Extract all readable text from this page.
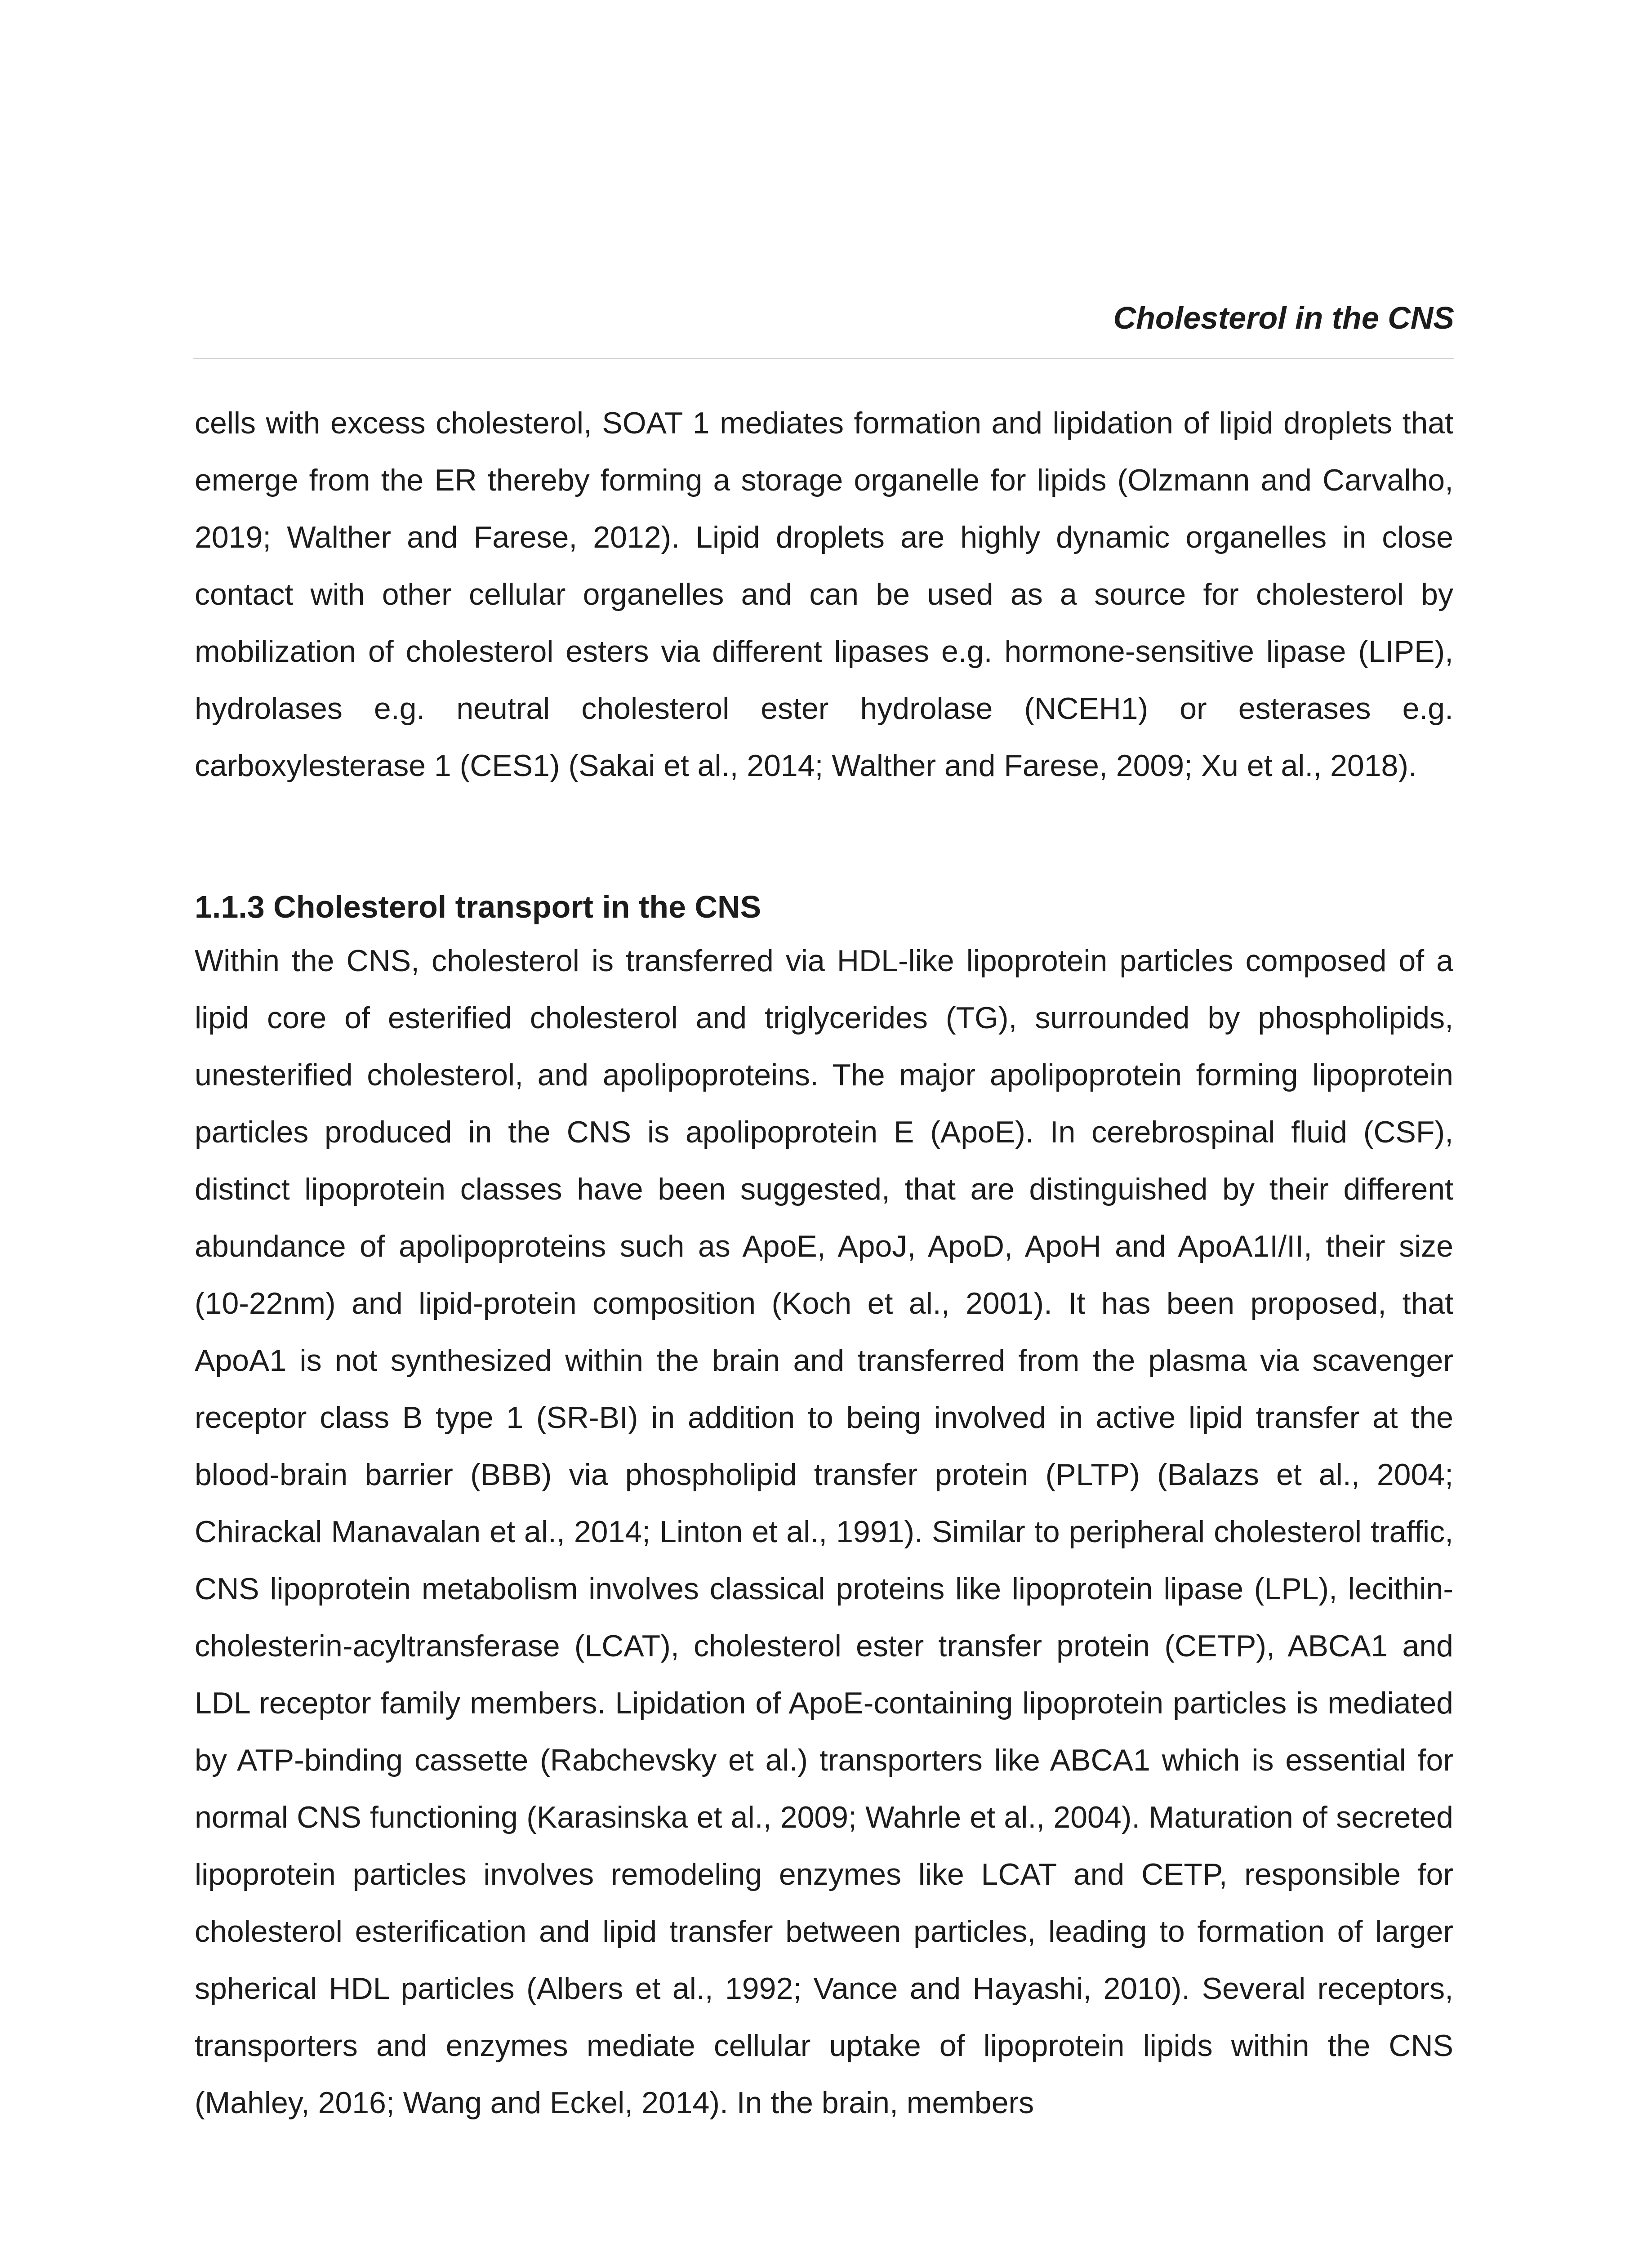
Cholesterol in the CNS

cells with excess cholesterol, SOAT 1 mediates formation and lipidation of lipid droplets that emerge from the ER thereby forming a storage organelle for lipids (Olzmann and Carvalho, 2019; Walther and Farese, 2012). Lipid droplets are highly dynamic organelles in close contact with other cellular organelles and can be used as a source for cholesterol by mobilization of cholesterol esters via different lipases e.g. hormone-sensitive lipase (LIPE), hydrolases e.g. neutral cholesterol ester hydrolase (NCEH1) or esterases e.g. carboxylesterase 1 (CES1) (Sakai et al., 2014; Walther and Farese, 2009; Xu et al., 2018).

1.1.3 Cholesterol transport in the CNS

Within the CNS, cholesterol is transferred via HDL-like lipoprotein particles composed of a lipid core of esterified cholesterol and triglycerides (TG), surrounded by phospholipids, unesterified cholesterol, and apolipoproteins. The major apolipoprotein forming lipoprotein particles produced in the CNS is apolipoprotein E (ApoE). In cerebrospinal fluid (CSF), distinct lipoprotein classes have been suggested, that are distinguished by their different abundance of apolipoproteins such as ApoE, ApoJ, ApoD, ApoH and ApoA1I/II, their size (10-22nm) and lipid-protein composition (Koch et al., 2001). It has been proposed, that ApoA1 is not synthesized within the brain and transferred from the plasma via scavenger receptor class B type 1 (SR-BI) in addition to being involved in active lipid transfer at the blood-brain barrier (BBB) via phospholipid transfer protein (PLTP) (Balazs et al., 2004; Chirackal Manavalan et al., 2014; Linton et al., 1991). Similar to peripheral cholesterol traffic, CNS lipoprotein metabolism involves classical proteins like lipoprotein lipase (LPL), lecithin-cholesterin-acyltransferase (LCAT), cholesterol ester transfer protein (CETP), ABCA1 and LDL receptor family members. Lipidation of ApoE-containing lipoprotein particles is mediated by ATP-binding cassette (Rabchevsky et al.) transporters like ABCA1 which is essential for normal CNS functioning (Karasinska et al., 2009; Wahrle et al., 2004). Maturation of secreted lipoprotein particles involves remodeling enzymes like LCAT and CETP, responsible for cholesterol esterification and lipid transfer between particles, leading to formation of larger spherical HDL particles (Albers et al., 1992; Vance and Hayashi, 2010). Several receptors, transporters and enzymes mediate cellular uptake of lipoprotein lipids within the CNS (Mahley, 2016; Wang and Eckel, 2014). In the brain, members
